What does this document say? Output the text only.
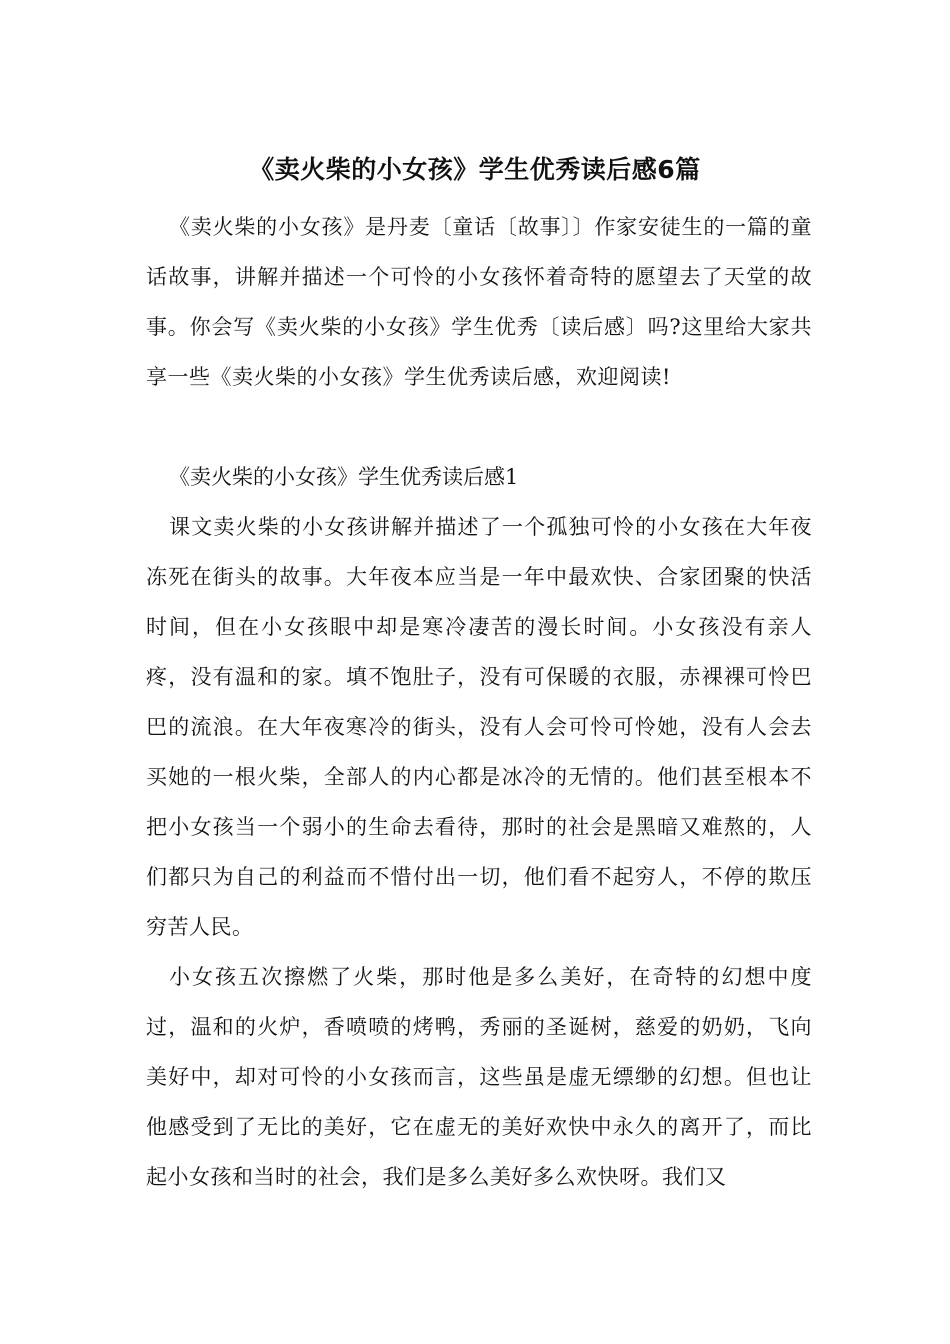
《卖火柴的小女孩》学生优秀读后感6篇

《卖火柴的小女孩》是丹麦〔童话〔故事〕〕作家安徒生的一篇的童话故事，讲解并描述一个可怜的小女孩怀着奇特的愿望去了天堂的故事。你会写《卖火柴的小女孩》学生优秀〔读后感〕吗?这里给大家共享一些《卖火柴的小女孩》学生优秀读后感，欢迎阅读!

《卖火柴的小女孩》学生优秀读后感1

课文卖火柴的小女孩讲解并描述了一个孤独可怜的小女孩在大年夜冻死在街头的故事。大年夜本应当是一年中最欢快、合家团聚的快活时间，但在小女孩眼中却是寒冷凄苦的漫长时间。小女孩没有亲人疼，没有温和的家。填不饱肚子，没有可保暖的衣服，赤裸裸可怜巴巴的流浪。在大年夜寒冷的街头，没有人会可怜可怜她，没有人会去买她的一根火柴，全部人的内心都是冰冷的无情的。他们甚至根本不把小女孩当一个弱小的生命去看待，那时的社会是黑暗又难熬的，人们都只为自己的利益而不惜付出一切，他们看不起穷人，不停的欺压穷苦人民。

小女孩五次擦燃了火柴，那时他是多么美好，在奇特的幻想中度过，温和的火炉，香喷喷的烤鸭，秀丽的圣诞树，慈爱的奶奶，飞向美好中，却对可怜的小女孩而言，这些虽是虚无缥缈的幻想。但也让他感受到了无比的美好，它在虚无的美好欢快中永久的离开了，而比起小女孩和当时的社会，我们是多么美好多么欢快呀。我们又
